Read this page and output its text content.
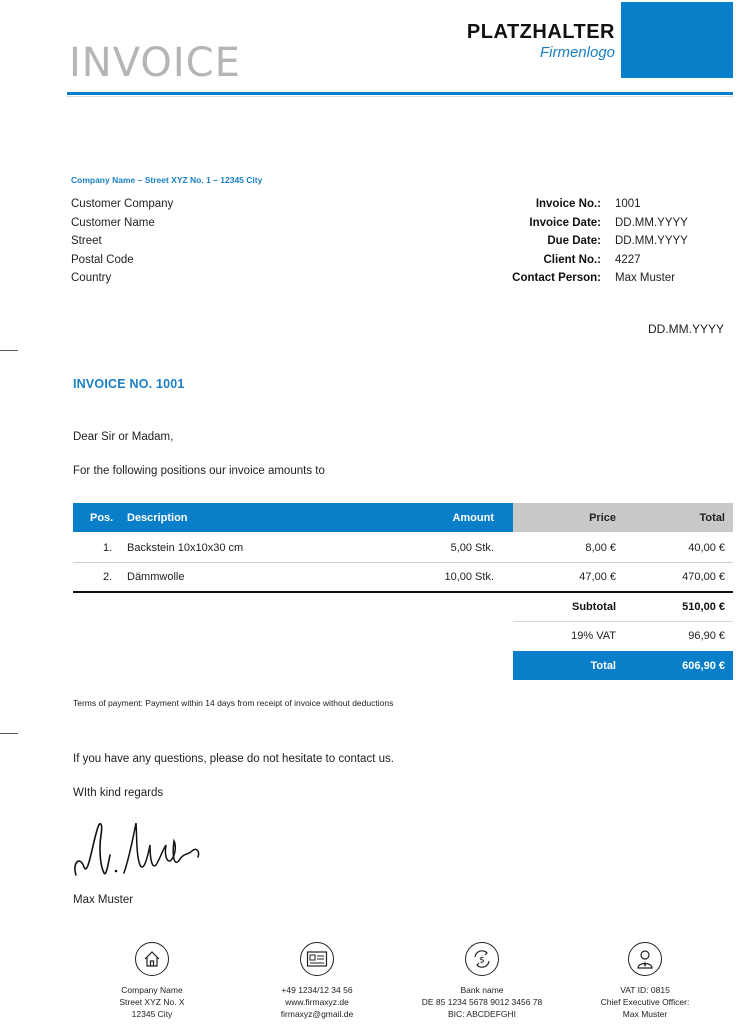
INVOICE
PLATZHALTER
Firmenlogo
Company Name – Street XYZ No. 1 – 12345 City
Customer Company
Customer Name
Street
Postal Code
Country
Invoice No.:	1001
Invoice Date:	DD.MM.YYYY
Due Date:	DD.MM.YYYY
Client No.:	4227
Contact Person:	Max Muster
DD.MM.YYYY
INVOICE NO. 1001
Dear Sir or Madam,
For the following positions our invoice amounts to
Pos. Description	Amount	Price	Total
1. Backstein 10x10x30 cm	5,00 Stk.	8,00 €	40,00 €
2. Dämmwolle	10,00 Stk.	47,00 €	470,00 €
Subtotal	510,00 €
19% VAT	96,90 €
Total	606,90 €
Terms of payment: Payment within 14 days from receipt of invoice without deductions
If you have any questions, please do not hesitate to contact us.
WIth kind regards
Max Muster
Company Name
Street XYZ No. X
12345 City
+49 1234/12 34 56
www.firmaxyz.de
firmaxyz@gmail.de
$
Bank name
DE 85 1234 5678 9012 3456 78
BIC: ABCDEFGHI
VAT ID: 0815
Chief Executive Officer:
Max Muster
